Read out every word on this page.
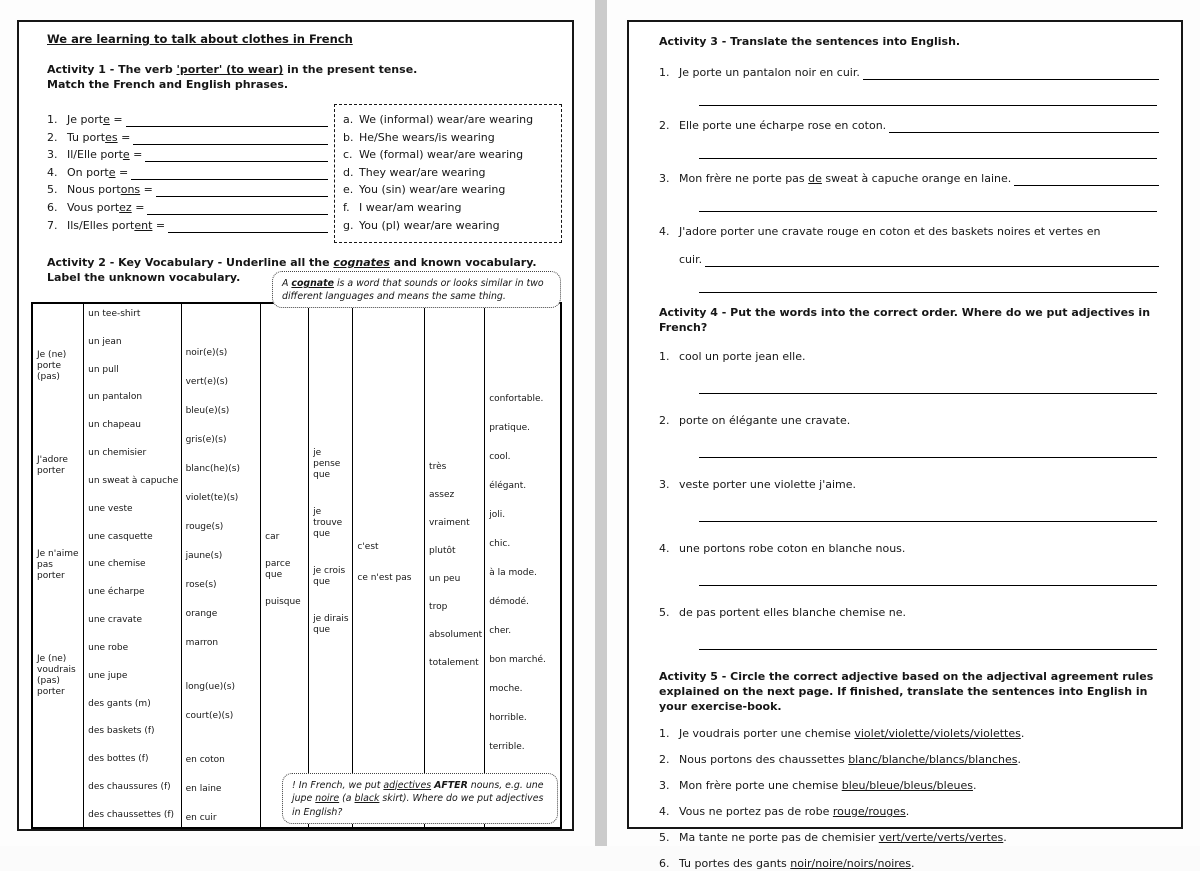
We are learning to talk about clothes in French
Activity 1 - The verb 'porter' (to wear) in the present tense.
Match the French and English phrases.
1. Je porte =
2. Tu portes =
3. Il/Elle porte =
4. On porte =
5. Nous portons =
6. Vous portez =
7. Ils/Elles portent =
a. We (informal) wear/are wearing
b. He/She wears/is wearing
c. We (formal) wear/are wearing
d. They wear/are wearing
e. You (sin) wear/are wearing
f. I wear/am wearing
g. You (pl) wear/are wearing
Activity 2 - Key Vocabulary - Underline all the cognates and known vocabulary.
Label the unknown vocabulary.	A cognate is a word that sounds or looks similar in two different languages and means the same thing.
! In French, we put adjectives AFTER nouns, e.g. une jupe noire (a black skirt). Where do we put adjectives in English?
Je (ne) porte (pas)
J'adore porter
Je n'aime pas porter
Je (ne) voudrais (pas) porter
un tee-shirt
un jean
un pull
un pantalon
un chapeau
un chemisier
un sweat à capuche
une veste
une casquette
une chemise
une écharpe
une cravate
une robe
une jupe
des gants (m)
des baskets (f)
des bottes (f)
des chaussures (f)
des chaussettes (f)
noir(e)(s)
vert(e)(s)
bleu(e)(s)
gris(e)(s)
blanc(he)(s)
violet(te)(s)
rouge(s)
jaune(s)
rose(s)
orange
marron
long(ue)(s)
court(e)(s)
en coton
en laine
en cuir
car
parce que
puisque
je pense que
je trouve que
je crois que
je dirais que
c'est
ce n'est pas
très
assez
vraiment
plutôt
un peu
trop
absolument
totalement
confortable.
pratique.
cool.
élégant.
joli.
chic.
à la mode.
démodé.
cher.
bon marché.
moche.
horrible.
terrible.
Activity 3 - Translate the sentences into English.
1. Je porte un pantalon noir en cuir.
2. Elle porte une écharpe rose en coton.
3. Mon frère ne porte pas de sweat à capuche orange en laine.
4. J'adore porter une cravate rouge en coton et des baskets noires et vertes en
cuir.
Activity 4 - Put the words into the correct order. Where do we put adjectives in French?
1. cool un porte jean elle.
2. porte on élégante une cravate.
3. veste porter une violette j'aime.
4. une portons robe coton en blanche nous.
5. de pas portent elles blanche chemise ne.
Activity 5 - Circle the correct adjective based on the adjectival agreement rules explained on the next page. If finished, translate the sentences into English in your exercise-book.
1. Je voudrais porter une chemise violet/violette/violets/violettes.
2. Nous portons des chaussettes blanc/blanche/blancs/blanches.
3. Mon frère porte une chemise bleu/bleue/bleus/bleues.
4. Vous ne portez pas de robe rouge/rouges.
5. Ma tante ne porte pas de chemisier vert/verte/verts/vertes.
6. Tu portes des gants noir/noire/noirs/noires.
